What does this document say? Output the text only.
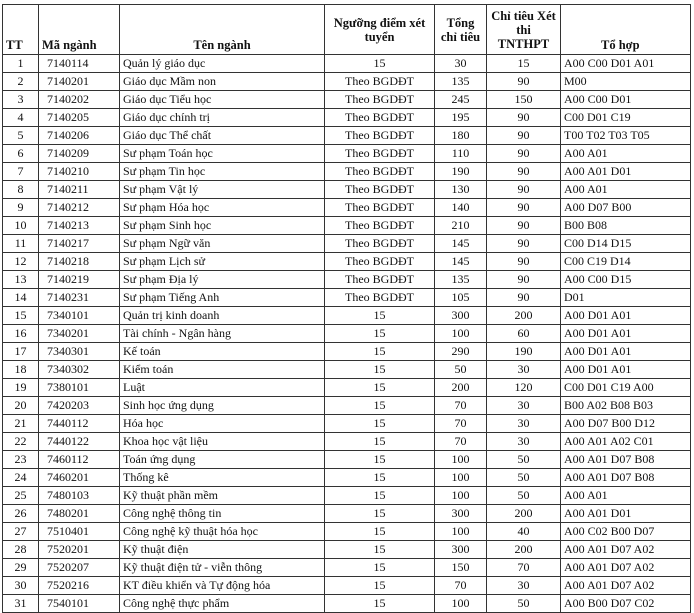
TT	Mã ngành	Tên ngành	Ngưỡng điểm xét tuyển	Tổng chỉ tiêu	Chỉ tiêu Xét thi TNTHPT	Tổ hợp
1	7140114	Quản lý giáo dục	15	30	15	A00 C00 D01 A01
2	7140201	Giáo dục Mầm non	Theo BGDĐT	135	90	M00
3	7140202	Giáo dục Tiểu học	Theo BGDĐT	245	150	A00 C00 D01
4	7140205	Giáo dục chính trị	Theo BGDĐT	195	90	C00 D01 C19
5	7140206	Giáo dục Thể chất	Theo BGDĐT	180	90	T00 T02 T03 T05
6	7140209	Sư phạm Toán học	Theo BGDĐT	110	90	A00 A01
7	7140210	Sư phạm Tin học	Theo BGDĐT	190	90	A00 A01 D01
8	7140211	Sư phạm Vật lý	Theo BGDĐT	130	90	A00 A01
9	7140212	Sư phạm Hóa học	Theo BGDĐT	140	90	A00 D07 B00
10	7140213	Sư phạm Sinh học	Theo BGDĐT	210	90	B00 B08
11	7140217	Sư phạm Ngữ văn	Theo BGDĐT	145	90	C00 D14 D15
12	7140218	Sư phạm Lịch sử	Theo BGDĐT	145	90	C00 C19 D14
13	7140219	Sư phạm Địa lý	Theo BGDĐT	135	90	A00 C00 D15
14	7140231	Sư phạm Tiếng Anh	Theo BGDĐT	105	90	D01
15	7340101	Quản trị kinh doanh	15	300	200	A00 D01 A01
16	7340201	Tài chính - Ngân hàng	15	100	60	A00 D01 A01
17	7340301	Kế toán	15	290	190	A00 D01 A01
18	7340302	Kiểm toán	15	50	30	A00 D01 A01
19	7380101	Luật	15	200	120	C00 D01 C19 A00
20	7420203	Sinh học ứng dụng	15	70	30	B00 A02 B08 B03
21	7440112	Hóa học	15	70	30	A00 D07 B00 D12
22	7440122	Khoa học vật liệu	15	70	30	A00 A01 A02 C01
23	7460112	Toán ứng dụng	15	100	50	A00 A01 D07 B08
24	7460201	Thống kê	15	100	50	A00 A01 D07 B08
25	7480103	Kỹ thuật phần mềm	15	100	50	A00 A01
26	7480201	Công nghệ thông tin	15	300	200	A00 A01 D01
27	7510401	Công nghệ kỹ thuật hóa học	15	100	40	A00 C02 B00 D07
28	7520201	Kỹ thuật điện	15	300	200	A00 A01 D07 A02
29	7520207	Kỹ thuật điện tử - viễn thông	15	150	70	A00 A01 D07 A02
30	7520216	KT điều khiển và Tự động hóa	15	70	30	A00 A01 D07 A02
31	7540101	Công nghệ thực phẩm	15	100	50	A00 B00 D07 C02
